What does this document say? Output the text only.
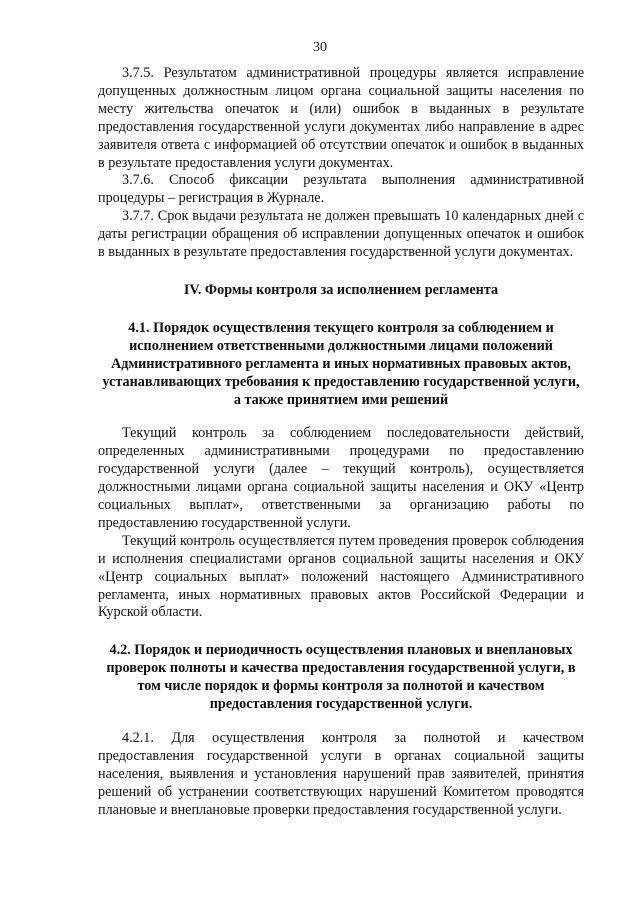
30

3.7.5. Результатом административной процедуры является исправление допущенных должностным лицом органа социальной защиты населения по месту жительства опечаток и (или) ошибок в выданных в результате предоставления государственной услуги документах либо направление в адрес заявителя ответа с информацией об отсутствии опечаток и ошибок в выданных в результате предоставления услуги документах.

3.7.6. Способ фиксации результата выполнения административной процедуры – регистрация в Журнале.

3.7.7. Срок выдачи результата не должен превышать 10 календарных дней с даты регистрации обращения об исправлении допущенных опечаток и ошибок в выданных в результате предоставления государственной услуги документах.

IV. Формы контроля за исполнением регламента

4.1. Порядок осуществления текущего контроля за соблюдением и исполнением ответственными должностными лицами положений Административного регламента и иных нормативных правовых актов, устанавливающих требования к предоставлению государственной услуги, а также принятием ими решений

Текущий контроль за соблюдением последовательности действий, определенных административными процедурами по предоставлению государственной услуги (далее – текущий контроль), осуществляется должностными лицами органа социальной защиты населения и ОКУ «Центр социальных выплат», ответственными за организацию работы по предоставлению государственной услуги.

Текущий контроль осуществляется путем проведения проверок соблюдения и исполнения специалистами органов социальной защиты населения и ОКУ «Центр социальных выплат» положений настоящего Административного регламента, иных нормативных правовых актов Российской Федерации и Курской области.

4.2. Порядок и периодичность осуществления плановых и внеплановых проверок полноты и качества предоставления государственной услуги, в том числе порядок и формы контроля за полнотой и качеством предоставления государственной услуги.

4.2.1. Для осуществления контроля за полнотой и качеством предоставления государственной услуги в органах социальной защиты населения, выявления и установления нарушений прав заявителей, принятия решений об устранении соответствующих нарушений Комитетом проводятся плановые и внеплановые проверки предоставления государственной услуги.
